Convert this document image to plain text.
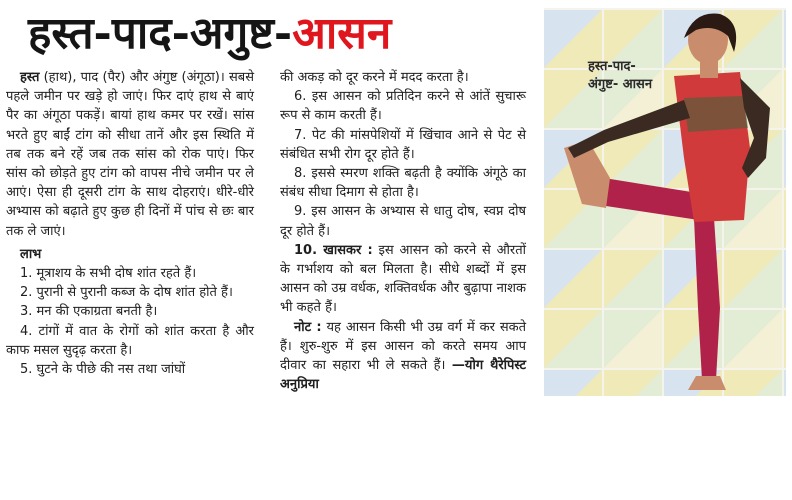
हस्त-पाद-अगुष्ट-आसन

हस्त (हाथ), पाद (पैर) और अंगुष्ट (अंगूठा)। सबसे पहले जमीन पर खड़े हो जाएं। फिर दाएं हाथ से बाएं पैर का अंगूठा पकड़ें। बायां हाथ कमर पर रखें। सांस भरते हुए बाईं टांग को सीधा तानें और इस स्थिति में तब तक बने रहें जब तक सांस को रोक पाएं। फिर सांस को छोड़ते हुए टांग को वापस नीचे जमीन पर ले आएं। ऐसा ही दूसरी टांग के साथ दोहराएं। धीरे-धीरे अभ्यास को बढ़ाते हुए कुछ ही दिनों में पांच से छः बार तक ले जाएं।

लाभ

1. मूत्राशय के सभी दोष शांत रहते हैं।

2. पुरानी से पुरानी कब्ज के दोष शांत होते हैं।

3. मन की एकाग्रता बनती है।

4. टांगों में वात के रोगों को शांत करता है और काफ मसल सुदृढ़ करता है।

5. घुटने के पीछे की नस तथा जांघों

की अकड़ को दूर करने में मदद करता है।

6. इस आसन को प्रतिदिन करने से आंतें सुचारू रूप से काम करती हैं।

7. पेट की मांसपेशियों में खिंचाव आने से पेट से संबंधित सभी रोग दूर होते हैं।

8. इससे स्मरण शक्ति बढ़ती है क्योंकि अंगूठे का संबंध सीधा दिमाग से होता है।

9. इस आसन के अभ्यास से धातु दोष, स्वप्न दोष दूर होते हैं।

10. खासकर : इस आसन को करने से औरतों के गर्भाशय को बल मिलता है। सीधे शब्दों में इस आसन को उम्र वर्धक, शक्तिवर्धक और बुढ़ापा नाशक भी कहते हैं।

नोट : यह आसन किसी भी उम्र वर्ग में कर सकते हैं। शुरु-शुरु में इस आसन को करते समय आप दीवार का सहारा भी ले सकते हैं। —योग थैरेपिस्ट अनुप्रिया

हस्त-पाद-
अंगुष्ट- आसन
